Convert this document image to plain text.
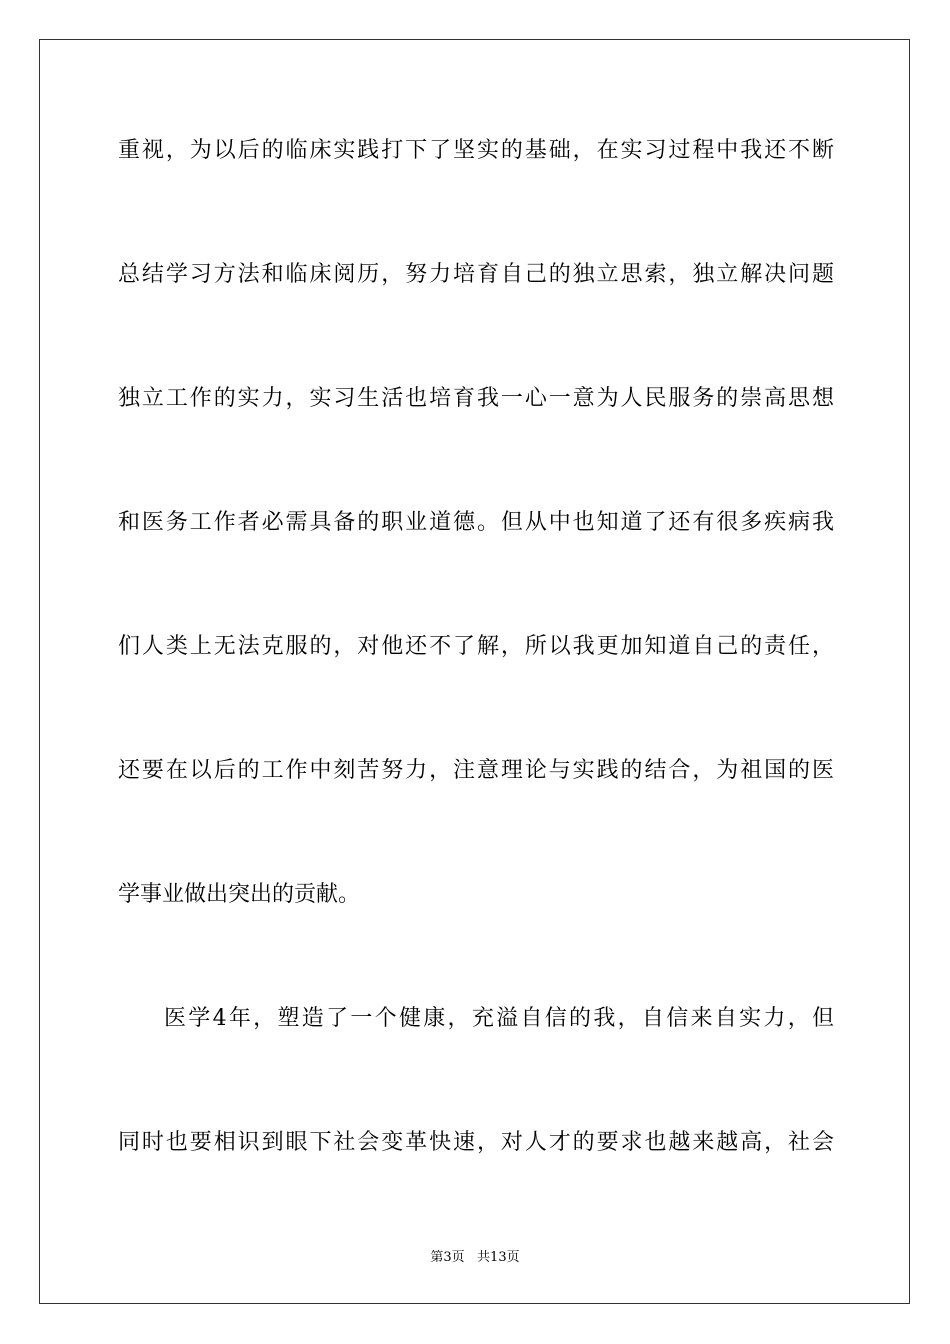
重视，为以后的临床实践打下了坚实的基础，在实习过程中我还不断
总结学习方法和临床阅历，努力培育自己的独立思索，独立解决问题
独立工作的实力，实习生活也培育我一心一意为人民服务的崇高思想
和医务工作者必需具备的职业道德。但从中也知道了还有很多疾病我
们人类上无法克服的，对他还不了解，所以我更加知道自己的责任，
还要在以后的工作中刻苦努力，注意理论与实践的结合，为祖国的医
学事业做出突出的贡献。
医学4年，塑造了一个健康，充溢自信的我，自信来自实力，但
同时也要相识到眼下社会变革快速，对人才的要求也越来越高，社会
第3页   共13页
